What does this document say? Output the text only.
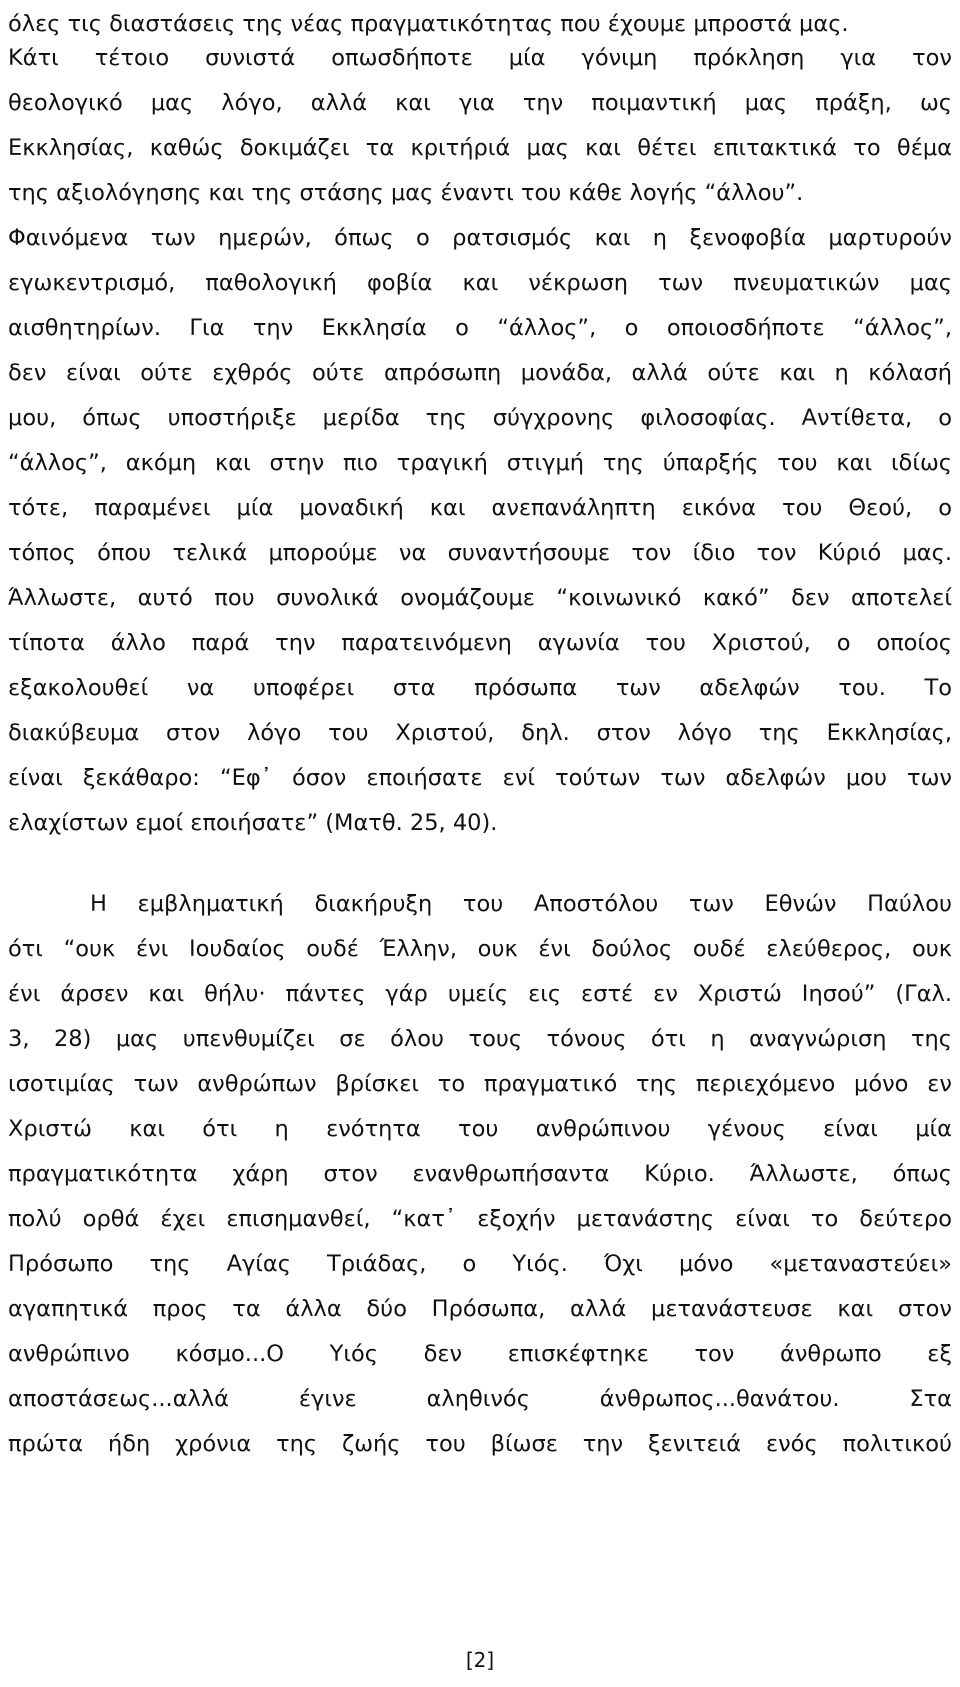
όλες τις διαστάσεις της νέας πραγματικότητας που έχουμε μπροστά μας.
Κάτι τέτοιο συνιστά οπωσδήποτε μία γόνιμη πρόκληση για τον
θεολογικό μας λόγο, αλλά και για την ποιμαντική μας πράξη, ως
Εκκλησίας, καθώς δοκιμάζει τα κριτήριά μας και θέτει επιτακτικά το θέμα
της αξιολόγησης και της στάσης μας έναντι του κάθε λογής “άλλου”.
Φαινόμενα των ημερών, όπως ο ρατσισμός και η ξενοφοβία μαρτυρούν
εγωκεντρισμό, παθολογική φοβία και νέκρωση των πνευματικών μας
αισθητηρίων. Για την Εκκλησία ο “άλλος”, ο οποιοσδήποτε “άλλος”,
δεν είναι ούτε εχθρός ούτε απρόσωπη μονάδα, αλλά ούτε και η κόλασή
μου, όπως υποστήριξε μερίδα της σύγχρονης φιλοσοφίας. Αντίθετα, ο
“άλλος”, ακόμη και στην πιο τραγική στιγμή της ύπαρξής του και ιδίως
τότε, παραμένει μία μοναδική και ανεπανάληπτη εικόνα του Θεού, ο
τόπος όπου τελικά μπορούμε να συναντήσουμε τον ίδιο τον Κύριό μας.
Άλλωστε, αυτό που συνολικά ονομάζουμε “κοινωνικό κακό” δεν αποτελεί
τίποτα άλλο παρά την παρατεινόμενη αγωνία του Χριστού, ο οποίος
εξακολουθεί να υποφέρει στα πρόσωπα των αδελφών του. Το
διακύβευμα στον λόγο του Χριστού, δηλ. στον λόγο της Εκκλησίας,
είναι ξεκάθαρο: “Εφ᾽ όσον εποιήσατε ενί τούτων των αδελφών μου των
ελαχίστων εμοί εποιήσατε” (Ματθ. 25, 40).
Η εμβληματική διακήρυξη του Αποστόλου των Εθνών Παύλου
ότι “ουκ ένι Ιουδαίος ουδέ Έλλην, ουκ ένι δούλος ουδέ ελεύθερος, ουκ
ένι άρσεν και θήλυ· πάντες γάρ υμείς εις εστέ εν Χριστώ Ιησού” (Γαλ.
3, 28) μας υπενθυμίζει σε όλου τους τόνους ότι η αναγνώριση της
ισοτιμίας των ανθρώπων βρίσκει το πραγματικό της περιεχόμενο μόνο εν
Χριστώ και ότι η ενότητα του ανθρώπινου γένους είναι μία
πραγματικότητα χάρη στον ενανθρωπήσαντα Κύριο. Άλλωστε, όπως
πολύ ορθά έχει επισημανθεί, “κατ᾽ εξοχήν μετανάστης είναι το δεύτερο
Πρόσωπο της Αγίας Τριάδας, ο Υιός. Όχι μόνο «μεταναστεύει»
αγαπητικά προς τα άλλα δύο Πρόσωπα, αλλά μετανάστευσε και στον
ανθρώπινο κόσμο...Ο Υιός δεν επισκέφτηκε τον άνθρωπο εξ
αποστάσεως...αλλά έγινε αληθινός άνθρωπος...θανάτου. Στα
πρώτα ήδη χρόνια της ζωής του βίωσε την ξενιτειά ενός πολιτικού
[2]
